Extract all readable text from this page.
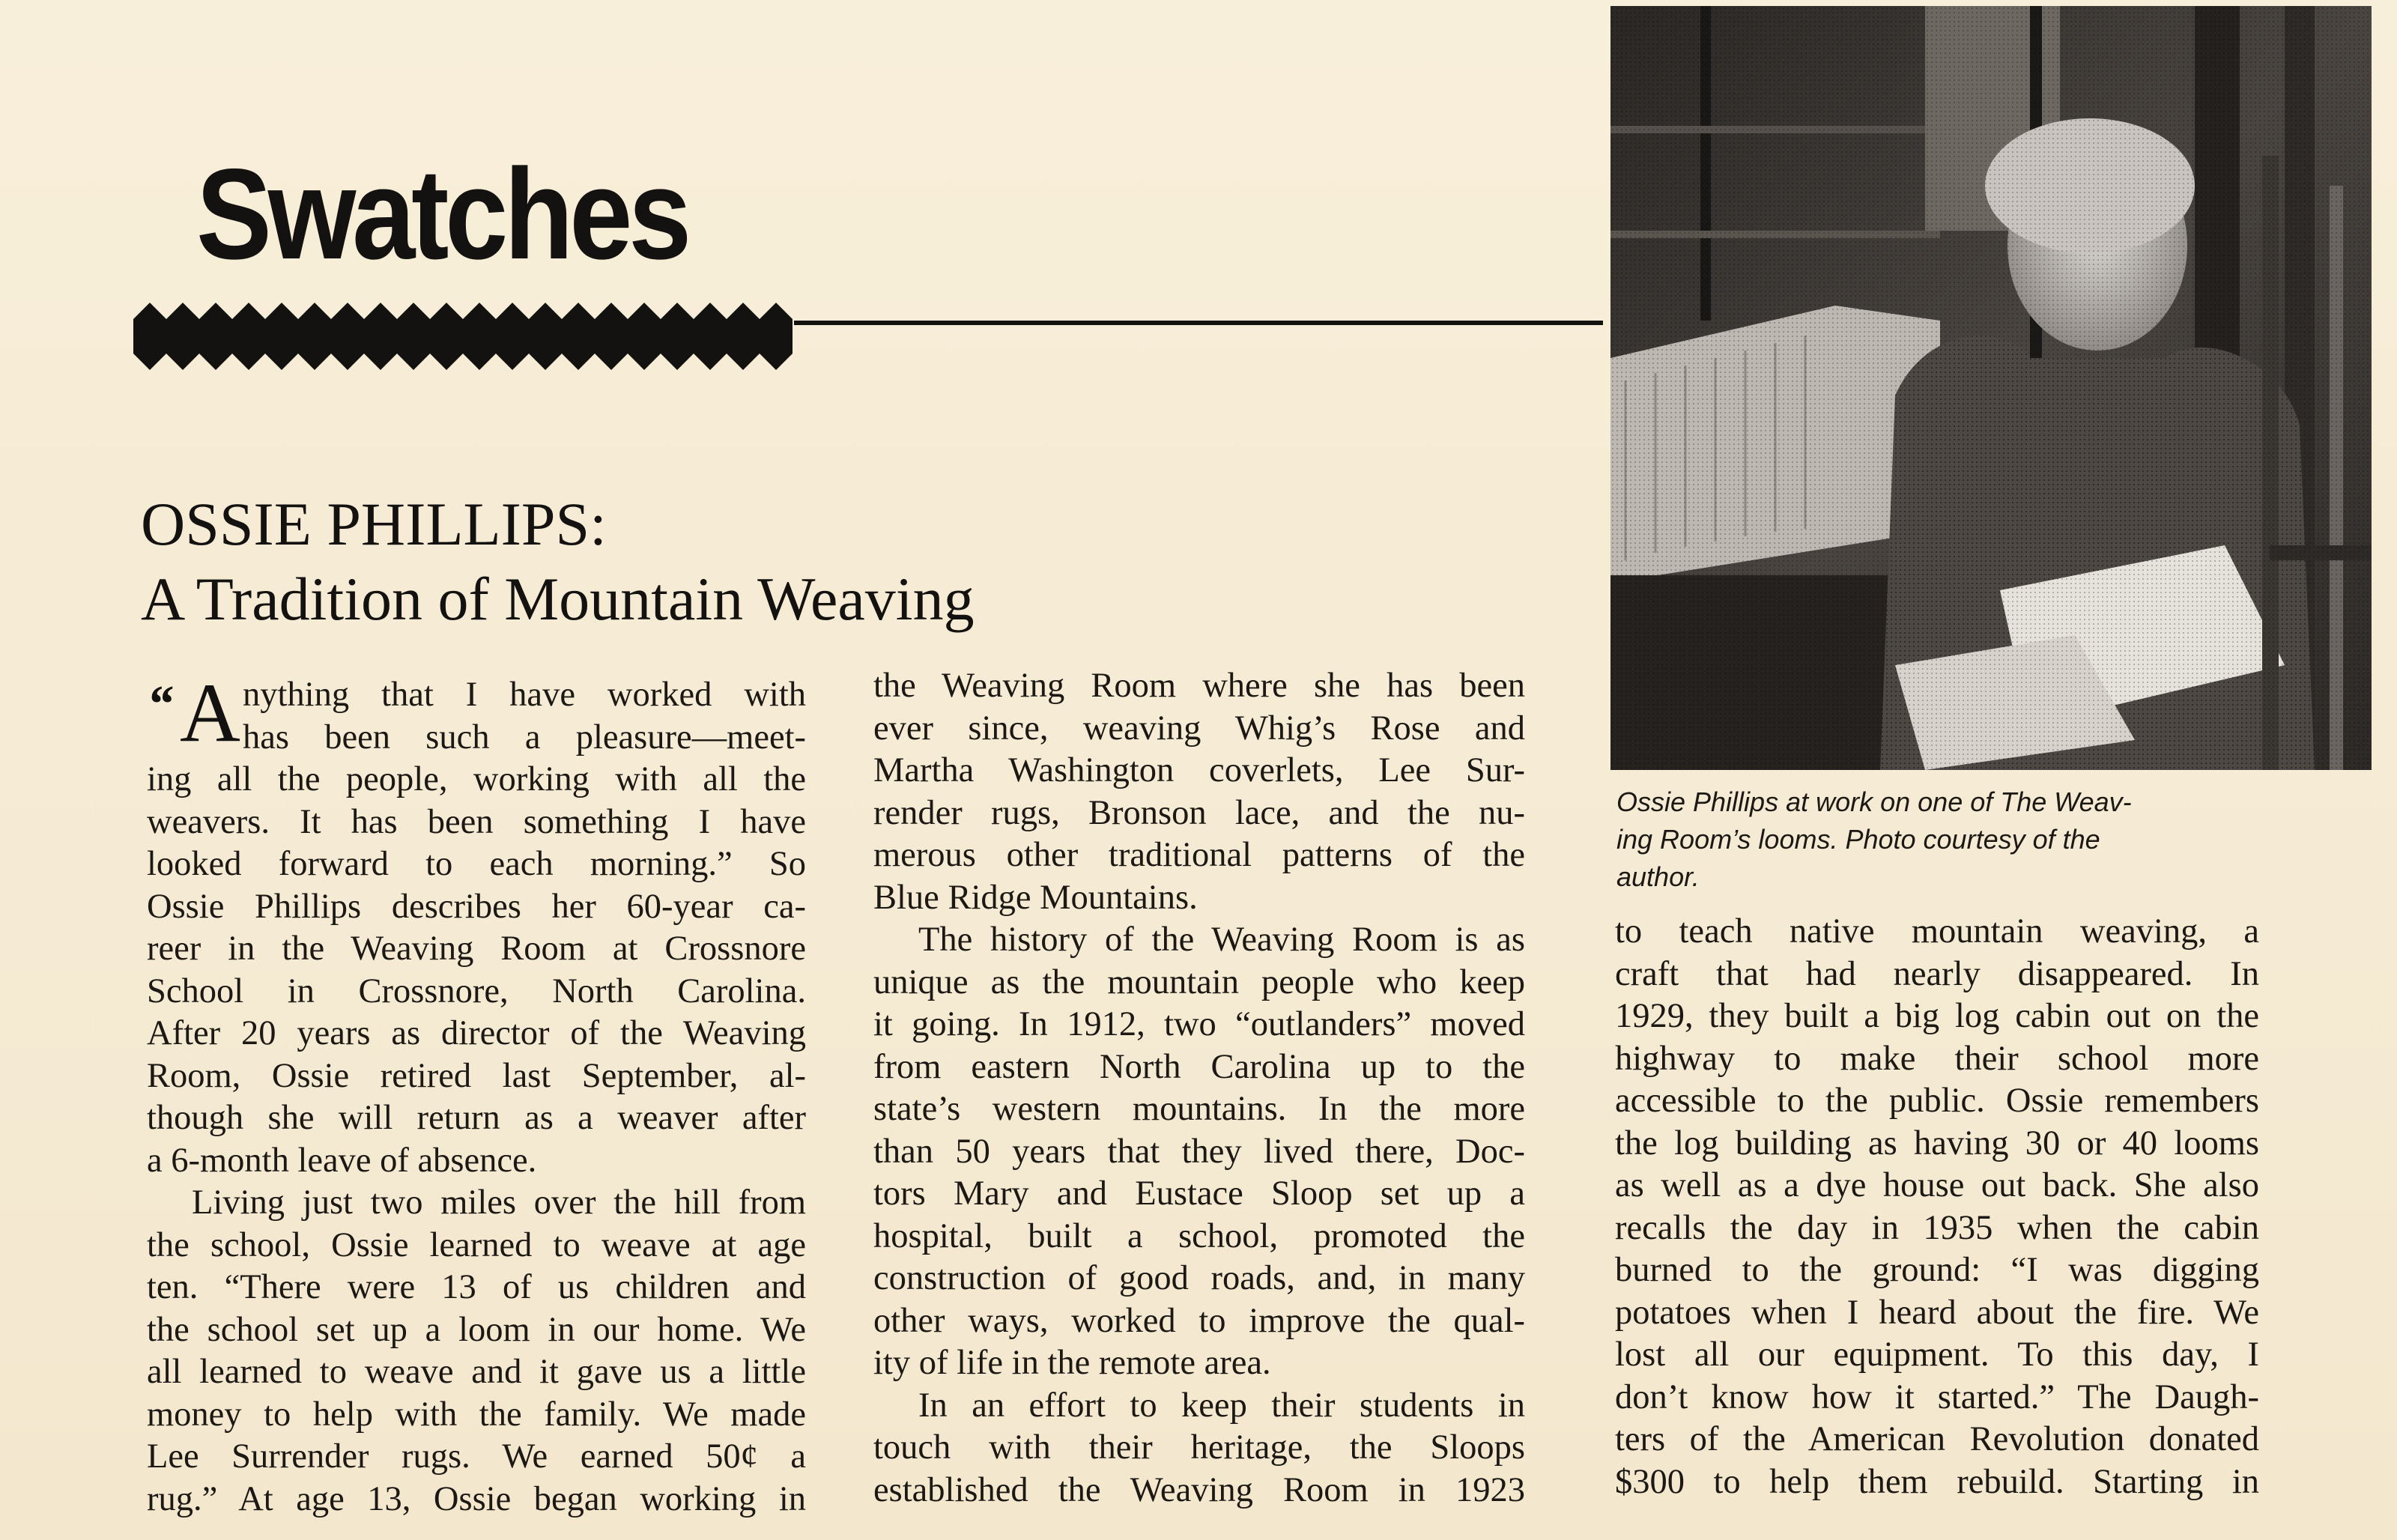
Swatches
OSSIE PHILLIPS:
A Tradition of Mountain Weaving
Ossie Phillips at work on one of The Weav-
ing Room’s looms. Photo courtesy of the
author.
“ A nything that I have worked with
has been such a pleasure—meet-
ing all the people, working with all the
weavers. It has been something I have
looked forward to each morning.” So
Ossie Phillips describes her 60-year ca-
reer in the Weaving Room at Crossnore
School in Crossnore, North Carolina.
After 20 years as director of the Weaving
Room, Ossie retired last September, al-
though she will return as a weaver after
a 6-month leave of absence.
Living just two miles over the hill from
the school, Ossie learned to weave at age
ten. “There were 13 of us children and
the school set up a loom in our home. We
all learned to weave and it gave us a little
money to help with the family. We made
Lee Surrender rugs. We earned 50¢ a
rug.” At age 13, Ossie began working in
the Weaving Room where she has been
ever since, weaving Whig’s Rose and
Martha Washington coverlets, Lee Sur-
render rugs, Bronson lace, and the nu-
merous other traditional patterns of the
Blue Ridge Mountains.
The history of the Weaving Room is as
unique as the mountain people who keep
it going. In 1912, two “outlanders” moved
from eastern North Carolina up to the
state’s western mountains. In the more
than 50 years that they lived there, Doc-
tors Mary and Eustace Sloop set up a
hospital, built a school, promoted the
construction of good roads, and, in many
other ways, worked to improve the qual-
ity of life in the remote area.
In an effort to keep their students in
touch with their heritage, the Sloops
established the Weaving Room in 1923
to teach native mountain weaving, a
craft that had nearly disappeared. In
1929, they built a big log cabin out on the
highway to make their school more
accessible to the public. Ossie remembers
the log building as having 30 or 40 looms
as well as a dye house out back. She also
recalls the day in 1935 when the cabin
burned to the ground: “I was digging
potatoes when I heard about the fire. We
lost all our equipment. To this day, I
don’t know how it started.” The Daugh-
ters of the American Revolution donated
$300 to help them rebuild. Starting in
